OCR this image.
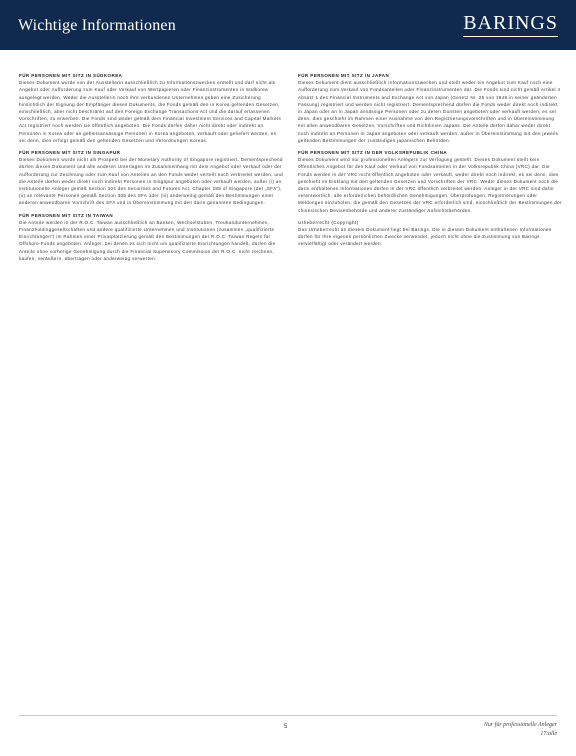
Wichtige Informationen	BARINGS
FÜR PERSONEN MIT SITZ IN SÜDKOREA

Dieses Dokument wurde von der Ausstellerin ausschließlich zu Informationszwecken erstellt und darf nicht als Angebot oder Aufforderung zum Kauf oder Verkauf von Wertpapieren oder Finanzinstrumenten in Südkorea ausgelegt werden. Weder die Ausstellerin noch ihre verbundenen Unternehmen geben eine Zusicherung hinsichtlich der Eignung der Empfänger dieses Dokuments, die Fonds gemäß den in Korea geltenden Gesetzen, einschließlich, aber nicht beschränkt auf den Foreign Exchange Transactions Act und die darauf erlassenen Vorschriften, zu erwerben. Die Fonds sind weder gemäß dem Financial Investment Services and Capital Markets Act registriert noch werden sie öffentlich angeboten. Die Fonds dürfen daher nicht direkt oder indirekt an Personen in Korea oder an gebietsansässige Personen in Korea angeboten, verkauft oder geliefert werden, es sei denn, dies erfolgt gemäß den geltenden Gesetzen und Verordnungen Koreas.

FÜR PERSONEN MIT SITZ IN SINGAPUR

Dieses Dokument wurde nicht als Prospekt bei der Monetary Authority of Singapore registriert. Dementsprechend dürfen dieses Dokument und alle anderen Unterlagen im Zusammenhang mit dem Angebot oder Verkauf oder der Aufforderung zur Zeichnung oder zum Kauf von Anteilen an den Fonds weder verteilt noch verbreitet werden, und die Anteile dürfen weder direkt noch indirekt Personen in Singapur angeboten oder verkauft werden, außer (i) an institutionelle Anleger gemäß Section 304 des Securities and Futures Act, Chapter 289 of Singapore (der „SFA“), (ii) an relevante Personen gemäß Section 305 des SFA oder (iii) anderweitig gemäß den Bestimmungen einer anderen anwendbaren Vorschrift des SFA und in Übereinstimmung mit den darin genannten Bedingungen.

FÜR PERSONEN MIT SITZ IN TAIWAN

Die Anteile werden in der R.O.C. Taiwan ausschließlich an Banken, Wechselstuben, Treuhandunternehmen, Finanzholdinggesellschaften und andere qualifizierte Unternehmen und Institutionen (zusammen „qualifizierte Einrichtungen“) im Rahmen einer Privatplatzierung gemäß den Bestimmungen der R.O.C. Taiwan Regeln für Offshore-Fonds angeboten. Anleger, bei denen es sich nicht um qualifizierte Einrichtungen handelt, dürfen die Anteile ohne vorherige Genehmigung durch die Financial Supervisory Commission der R.O.C. nicht zeichnen, kaufen, veräußern, übertragen oder anderweitig verwerten.

FÜR PERSONEN MIT SITZ IN JAPAN

Dieses Dokument dient ausschließlich Informationszwecken und stellt weder ein Angebot zum Kauf noch eine Aufforderung zum Verkauf von Fondsanteilen oder Finanzinstrumenten dar. Die Fonds sind nicht gemäß Artikel 4 Absatz 1 des Financial Instruments and Exchange Act von Japan (Gesetz Nr. 25 von 1948 in seiner geänderten Fassung) registriert und werden nicht registriert. Dementsprechend dürfen die Fonds weder direkt noch indirekt in Japan oder an in Japan ansässige Personen oder zu deren Gunsten angeboten oder verkauft werden, es sei denn, dies geschieht im Rahmen einer Ausnahme von den Registrierungsvorschriften und in Übereinstimmung mit allen anwendbaren Gesetzen, Vorschriften und Richtlinien Japans. Die Anteile dürfen daher weder direkt noch indirekt an Personen in Japan angeboten oder verkauft werden, außer in Übereinstimmung mit den jeweils geltenden Bestimmungen der zuständigen japanischen Behörden.

FÜR PERSONEN MIT SITZ IN DER VOLKSREPUBLIK CHINA

Dieses Dokument wird nur professionellen Anlegern zur Verfügung gestellt. Dieses Dokument stellt kein öffentliches Angebot für den Kauf oder Verkauf von Fondsanteilen in der Volksrepublik China (VRC) dar. Die Fonds werden in der VRC nicht öffentlich angeboten oder verkauft, weder direkt noch indirekt, es sei denn, dies geschieht im Einklang mit den geltenden Gesetzen und Vorschriften der VRC. Weder dieses Dokument noch die darin enthaltenen Informationen dürfen in der VRC öffentlich verbreitet werden. Anleger in der VRC sind dafür verantwortlich, alle erforderlichen behördlichen Genehmigungen, Überprüfungen, Registrierungen oder Meldungen einzuholen, die gemäß den Gesetzen der VRC erforderlich sind, einschließlich der Bestimmungen der chinesischen Devisenbehörde und anderer zuständiger Aufsichtsbehörden.

Urheberrecht (Copyright)

Das Urheberrecht an diesem Dokument liegt bei Barings. Die in diesem Dokument enthaltenen Informationen dürfen für Ihre eigenen persönlichen Zwecke verwendet, jedoch nicht ohne die Zustimmung von Barings vervielfältigt oder verändert werden.

5	Nur für professionelle Anleger
17/alle
